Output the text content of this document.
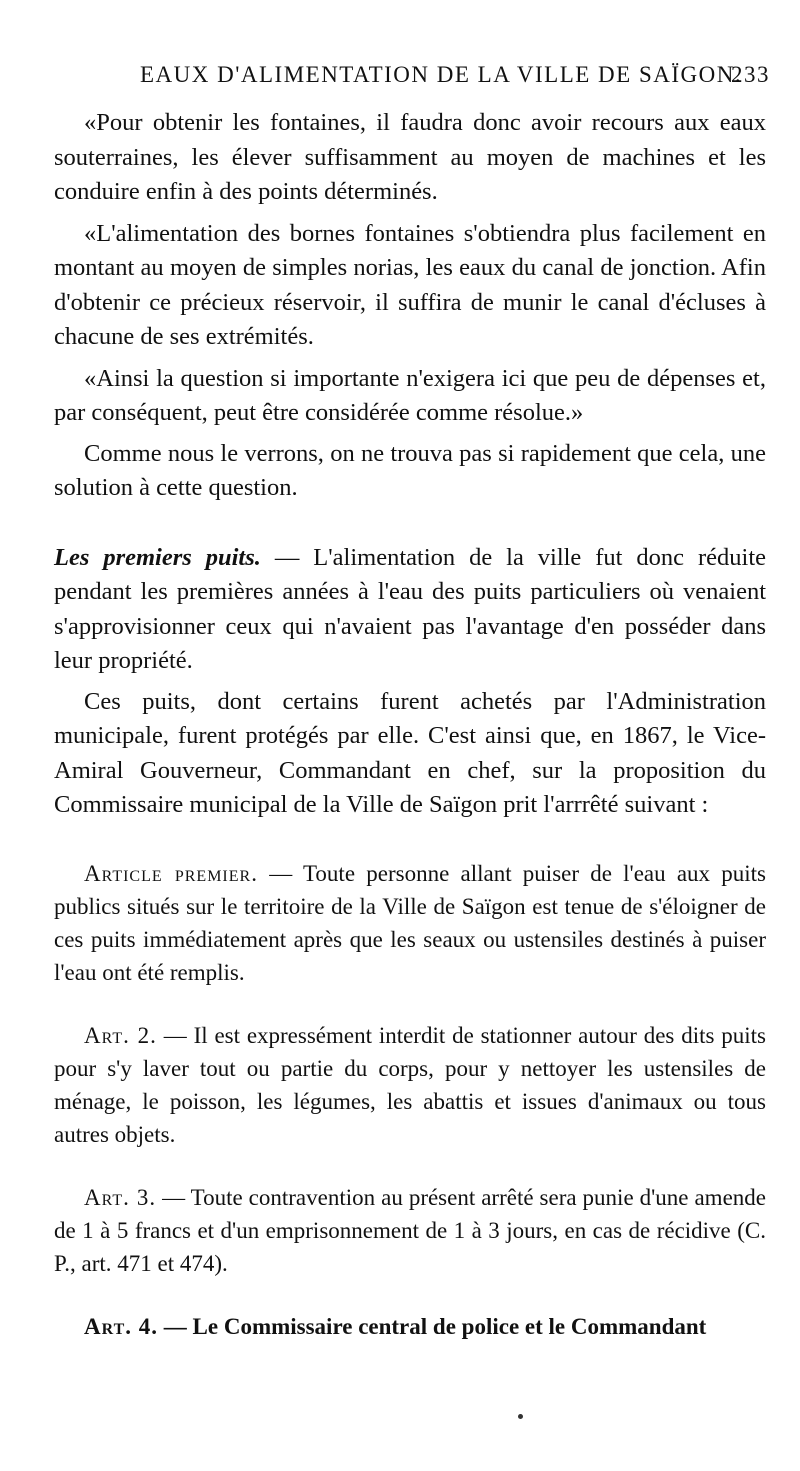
EAUX D'ALIMENTATION DE LA VILLE DE SAÏGON.
233

«Pour obtenir les fontaines, il faudra donc avoir recours aux eaux souterraines, les élever suffisamment au moyen de machines et les conduire enfin à des points déterminés.

«L'alimentation des bornes fontaines s'obtiendra plus facilement en montant au moyen de simples norias, les eaux du canal de jonction. Afin d'obtenir ce précieux réservoir, il suffira de munir le canal d'écluses à chacune de ses extrémités.

«Ainsi la question si importante n'exigera ici que peu de dépenses et, par conséquent, peut être considérée comme résolue.»

Comme nous le verrons, on ne trouva pas si rapidement que cela, une solution à cette question.

Les premiers puits. — L'alimentation de la ville fut donc réduite pendant les premières années à l'eau des puits particuliers où venaient s'approvisionner ceux qui n'avaient pas l'avantage d'en posséder dans leur propriété.

Ces puits, dont certains furent achetés par l'Administration municipale, furent protégés par elle. C'est ainsi que, en 1867, le Vice-Amiral Gouverneur, Commandant en chef, sur la proposition du Commissaire municipal de la Ville de Saïgon prit l'arrrêté suivant :

Article premier. — Toute personne allant puiser de l'eau aux puits publics situés sur le territoire de la Ville de Saïgon est tenue de s'éloigner de ces puits immédiatement après que les seaux ou ustensiles destinés à puiser l'eau ont été remplis.

Art. 2. — Il est expressément interdit de stationner autour des dits puits pour s'y laver tout ou partie du corps, pour y nettoyer les ustensiles de ménage, le poisson, les légumes, les abattis et issues d'animaux ou tous autres objets.

Art. 3. — Toute contravention au présent arrêté sera punie d'une amende de 1 à 5 francs et d'un emprisonnement de 1 à 3 jours, en cas de récidive (C. P., art. 471 et 474).

Art. 4. — Le Commissaire central de police et le Commandant
